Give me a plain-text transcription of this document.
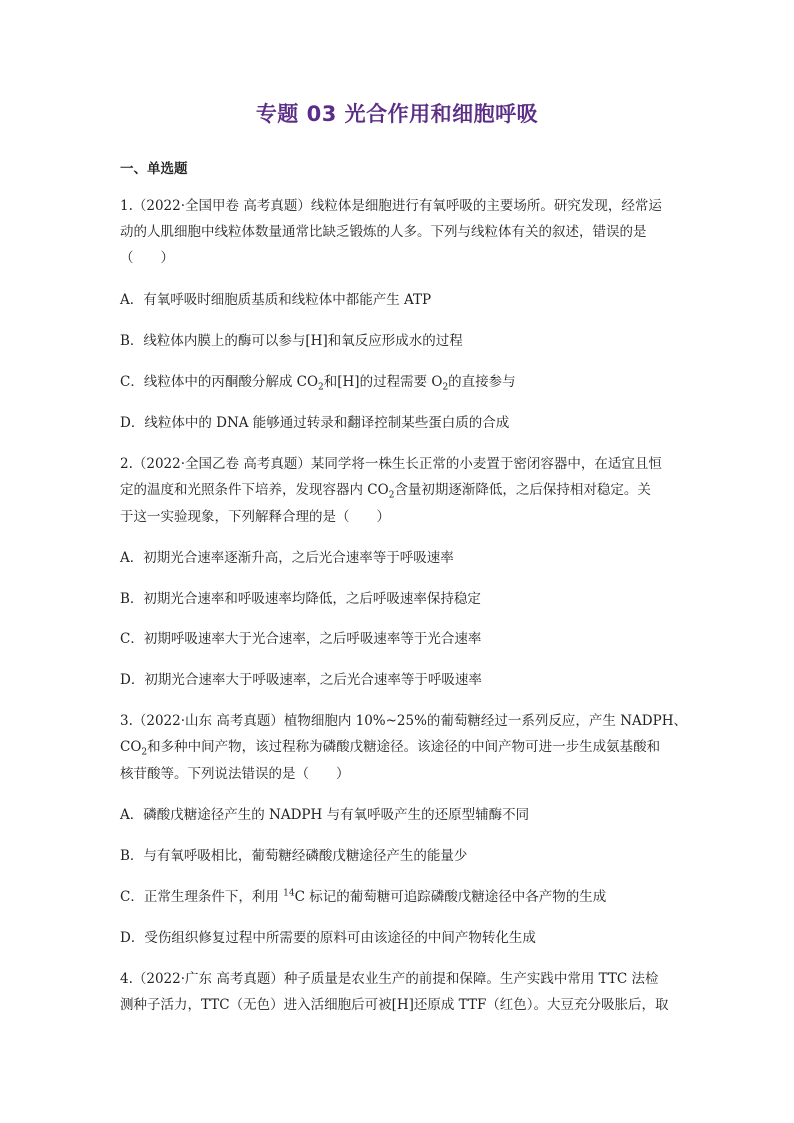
专题 03 光合作用和细胞呼吸
一、单选题
1.（2022·全国甲卷 高考真题）线粒体是细胞进行有氧呼吸的主要场所。研究发现，经常运
动的人肌细胞中线粒体数量通常比缺乏锻炼的人多。下列与线粒体有关的叙述，错误的是
（　　）
A．有氧呼吸时细胞质基质和线粒体中都能产生 ATP
B．线粒体内膜上的酶可以参与[H]和氧反应形成水的过程
C．线粒体中的丙酮酸分解成 $CO_2$和[H]的过程需要 $O_2$的直接参与
D．线粒体中的 DNA 能够通过转录和翻译控制某些蛋白质的合成
2.（2022·全国乙卷 高考真题）某同学将一株生长正常的小麦置于密闭容器中，在适宜且恒
定的温度和光照条件下培养，发现容器内 $CO_2$含量初期逐渐降低，之后保持相对稳定。关
于这一实验现象，下列解释合理的是（　　）
A．初期光合速率逐渐升高，之后光合速率等于呼吸速率
B．初期光合速率和呼吸速率均降低，之后呼吸速率保持稳定
C．初期呼吸速率大于光合速率，之后呼吸速率等于光合速率
D．初期光合速率大于呼吸速率，之后光合速率等于呼吸速率
3.（2022·山东 高考真题）植物细胞内 10%~25%的葡萄糖经过一系列反应，产生 NADPH、
$CO_2$和多种中间产物，该过程称为磷酸戊糖途径。该途径的中间产物可进一步生成氨基酸和
核苷酸等。下列说法错误的是（　　）
A．磷酸戊糖途径产生的 NADPH 与有氧呼吸产生的还原型辅酶不同
B．与有氧呼吸相比，葡萄糖经磷酸戊糖途径产生的能量少
C．正常生理条件下，利用 $^{14}$C 标记的葡萄糖可追踪磷酸戊糖途径中各产物的生成
D．受伤组织修复过程中所需要的原料可由该途径的中间产物转化生成
4.（2022·广东 高考真题）种子质量是农业生产的前提和保障。生产实践中常用 TTC 法检
测种子活力，TTC（无色）进入活细胞后可被[H]还原成 TTF（红色）。大豆充分吸胀后，取
